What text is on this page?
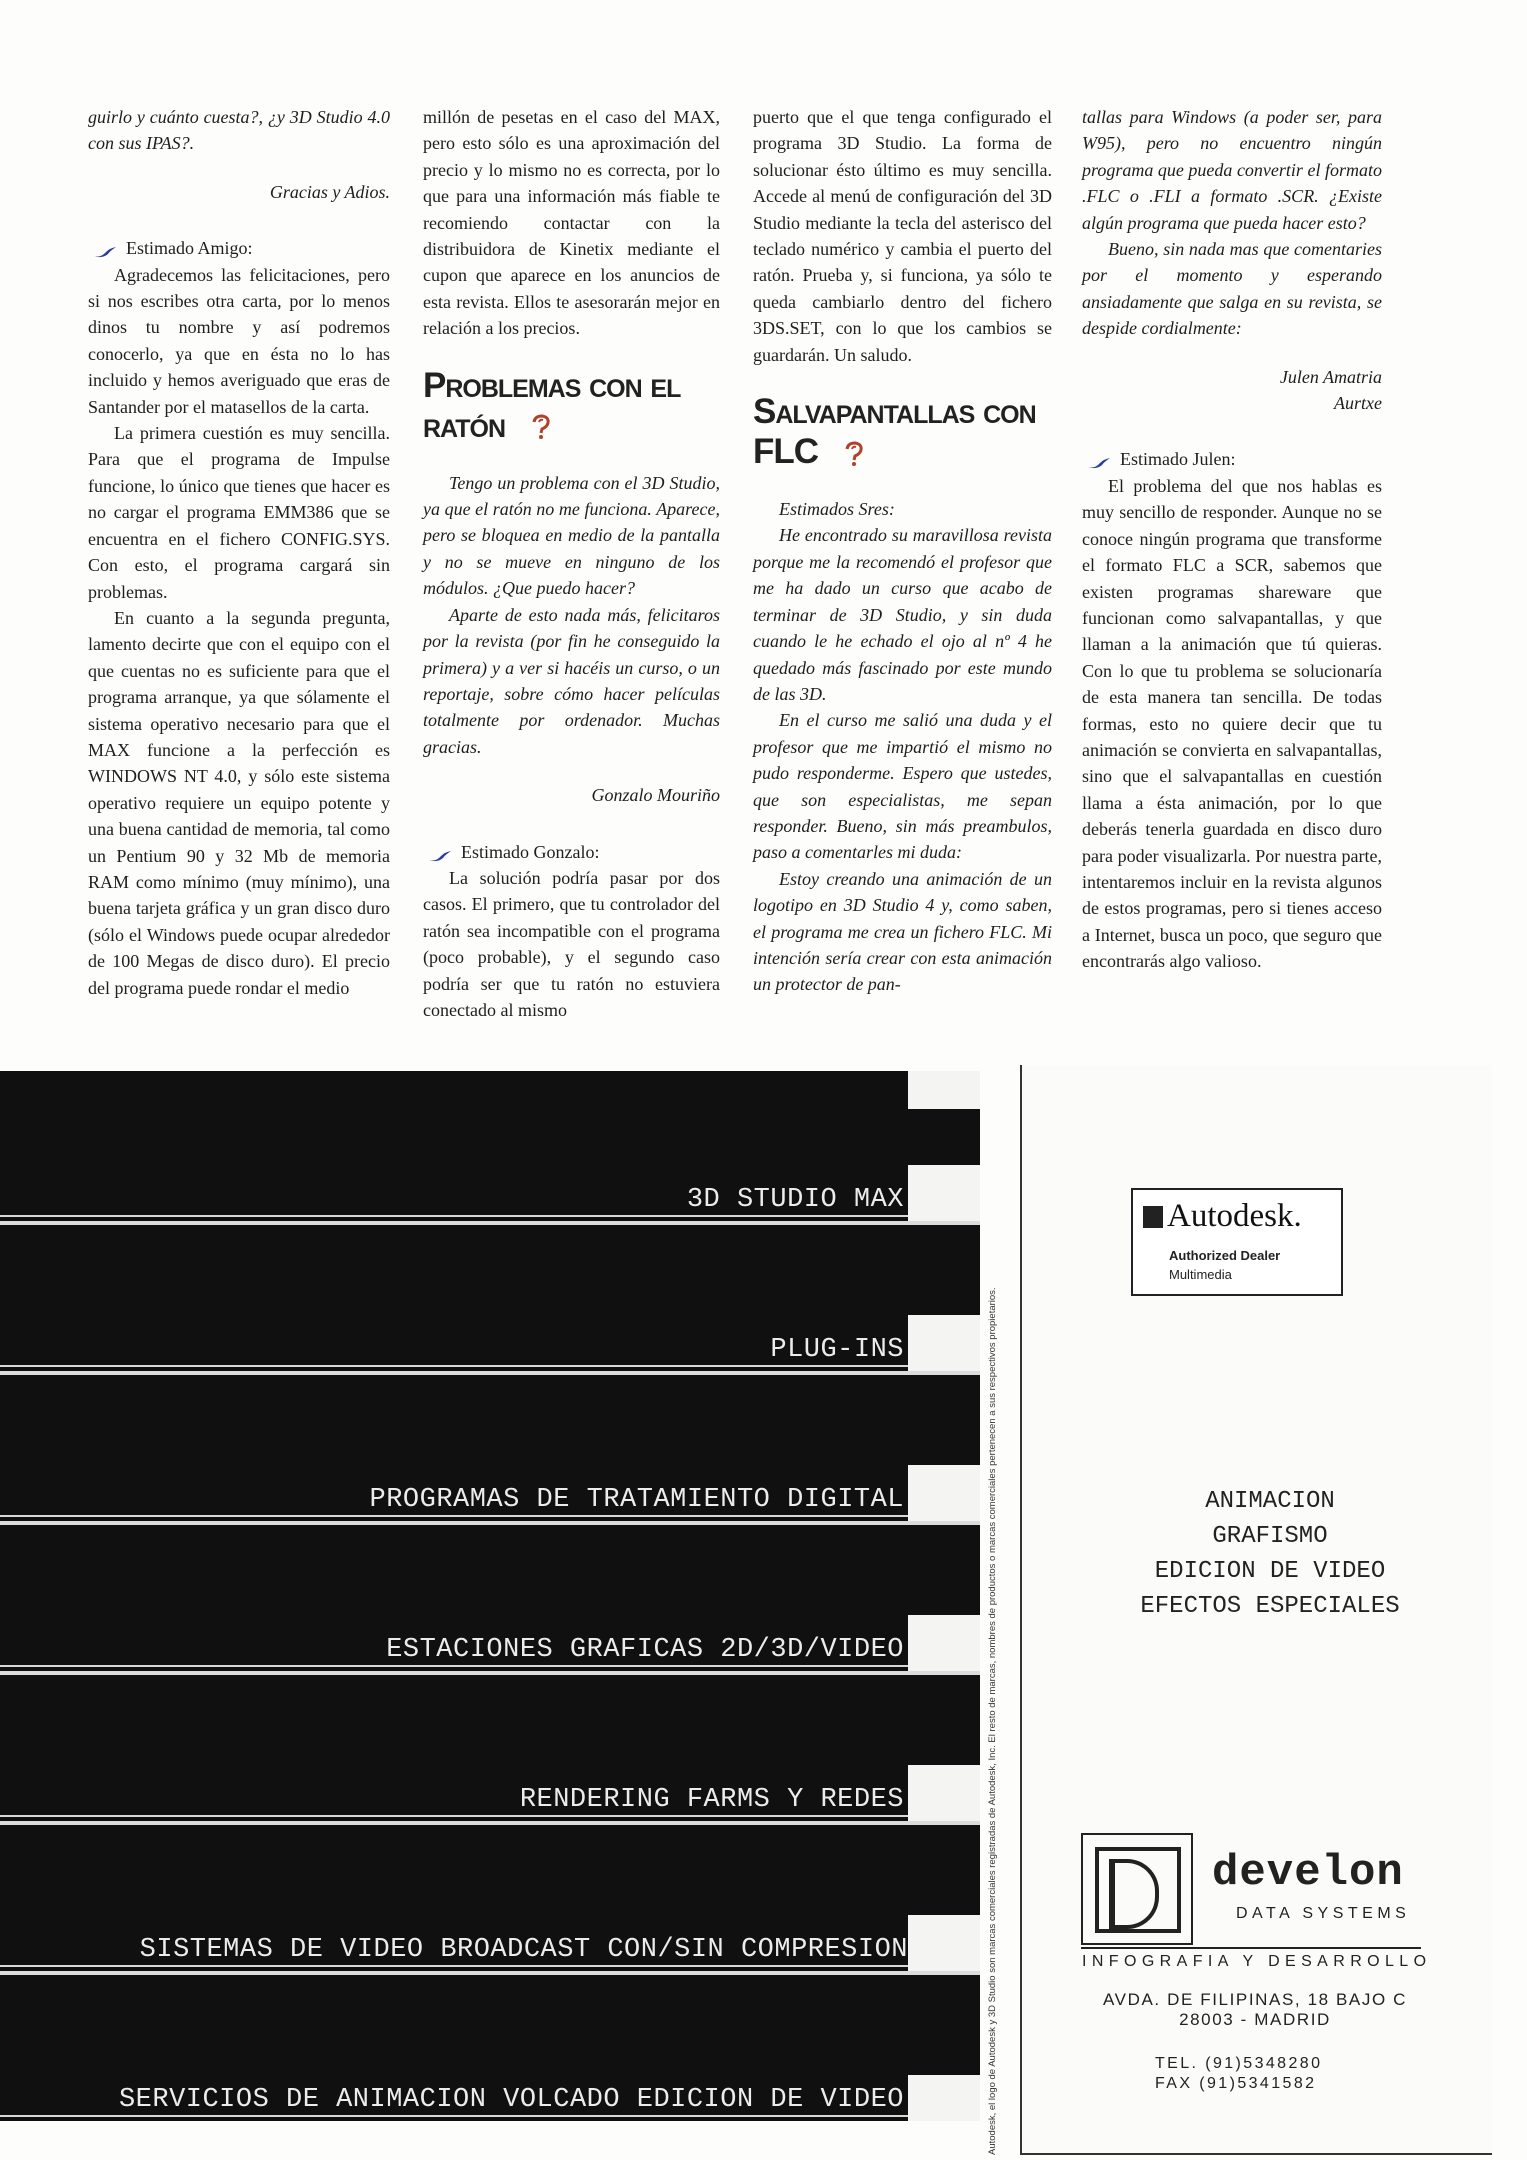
guirlo y cuánto cuesta?, ¿y 3D Studio 4.0 con sus IPAS?.

Gracias y Adios.

Estimado Amigo:

Agradecemos las felicitaciones, pero si nos escribes otra carta, por lo menos dinos tu nombre y así podremos conocerlo, ya que en ésta no lo has incluido y hemos averiguado que eras de Santander por el matasellos de la carta.

La primera cuestión es muy sencilla. Para que el programa de Impulse funcione, lo único que tienes que hacer es no cargar el programa EMM386 que se encuentra en el fichero CONFIG.SYS. Con esto, el programa cargará sin problemas.

En cuanto a la segunda pregunta, lamento decirte que con el equipo con el que cuentas no es suficiente para que el programa arranque, ya que sólamente el sistema operativo necesario para que el MAX funcione a la perfección es WINDOWS NT 4.0, y sólo este sistema operativo requiere un equipo potente y una buena cantidad de memoria, tal como un Pentium 90 y 32 Mb de memoria RAM como mínimo (muy mínimo), una buena tarjeta gráfica y un gran disco duro (sólo el Windows puede ocupar alrededor de 100 Megas de disco duro). El precio del programa puede rondar el medio

millón de pesetas en el caso del MAX, pero esto sólo es una aproximación del precio y lo mismo no es correcta, por lo que para una información más fiable te recomiendo contactar con la distribuidora de Kinetix mediante el cupon que aparece en los anuncios de esta revista. Ellos te asesorarán mejor en relación a los precios.

Problemas con el ratón

Tengo un problema con el 3D Studio, ya que el ratón no me funciona. Aparece, pero se bloquea en medio de la pantalla y no se mueve en ninguno de los módulos. ¿Que puedo hacer?

Aparte de esto nada más, felicitaros por la revista (por fin he conseguido la primera) y a ver si hacéis un curso, o un reportaje, sobre cómo hacer películas totalmente por ordenador. Muchas gracias.

Gonzalo Mouriño

Estimado Gonzalo:

La solución podría pasar por dos casos. El primero, que tu controlador del ratón sea incompatible con el programa (poco probable), y el segundo caso podría ser que tu ratón no estuviera conectado al mismo

puerto que el que tenga configurado el programa 3D Studio. La forma de solucionar ésto último es muy sencilla. Accede al menú de configuración del 3D Studio mediante la tecla del asterisco del teclado numérico y cambia el puerto del ratón. Prueba y, si funciona, ya sólo te queda cambiarlo dentro del fichero 3DS.SET, con lo que los cambios se guardarán. Un saludo.

Salvapantallas con FLC

Estimados Sres:

He encontrado su maravillosa revista porque me la recomendó el profesor que me ha dado un curso que acabo de terminar de 3D Studio, y sin duda cuando le he echado el ojo al nº 4 he quedado más fascinado por este mundo de las 3D.

En el curso me salió una duda y el profesor que me impartió el mismo no pudo responderme. Espero que ustedes, que son especialistas, me sepan responder. Bueno, sin más preambulos, paso a comentarles mi duda:

Estoy creando una animación de un logotipo en 3D Studio 4 y, como saben, el programa me crea un fichero FLC. Mi intención sería crear con esta animación un protector de pan-

tallas para Windows (a poder ser, para W95), pero no encuentro ningún programa que pueda convertir el formato .FLC o .FLI a formato .SCR. ¿Existe algún programa que pueda hacer esto?

Bueno, sin nada mas que comentaries por el momento y esperando ansiadamente que salga en su revista, se despide cordialmente:

Julen Amatria

Aurtxe

Estimado Julen:

El problema del que nos hablas es muy sencillo de responder. Aunque no se conoce ningún programa que transforme el formato FLC a SCR, sabemos que existen programas shareware que funcionan como salvapantallas, y que llaman a la animación que tú quieras. Con lo que tu problema se solucionaría de esta manera tan sencilla. De todas formas, esto no quiere decir que tu animación se convierta en salvapantallas, sino que el salvapantallas en cuestión llama a ésta animación, por lo que deberás tenerla guardada en disco duro para poder visualizarla. Por nuestra parte, intentaremos incluir en la revista algunos de estos programas, pero si tienes acceso a Internet, busca un poco, que seguro que encontrarás algo valioso.

3D STUDIO MAX
PLUG-INS
PROGRAMAS DE TRATAMIENTO DIGITAL
ESTACIONES GRAFICAS 2D/3D/VIDEO
RENDERING FARMS Y REDES
SISTEMAS DE VIDEO BROADCAST CON/SIN COMPRESION
SERVICIOS DE ANIMACION VOLCADO EDICION DE VIDEO	Autodesk, el logo de Autodesk y 3D Studio son marcas comerciales registradas de Autodesk, Inc. El resto de marcas, nombres de productos o marcas comerciales pertenecen a sus respectivos propietarios.
Autodesk.
Authorized Dealer
Multimedia
ANIMACION
GRAFISMO
EDICION DE VIDEO
EFECTOS ESPECIALES
develon
DATA SYSTEMS
INFOGRAFIA Y DESARROLLO
AVDA. DE FILIPINAS, 18 BAJO C
28003 - MADRID
TEL. (91)5348280
FAX (91)5341582
